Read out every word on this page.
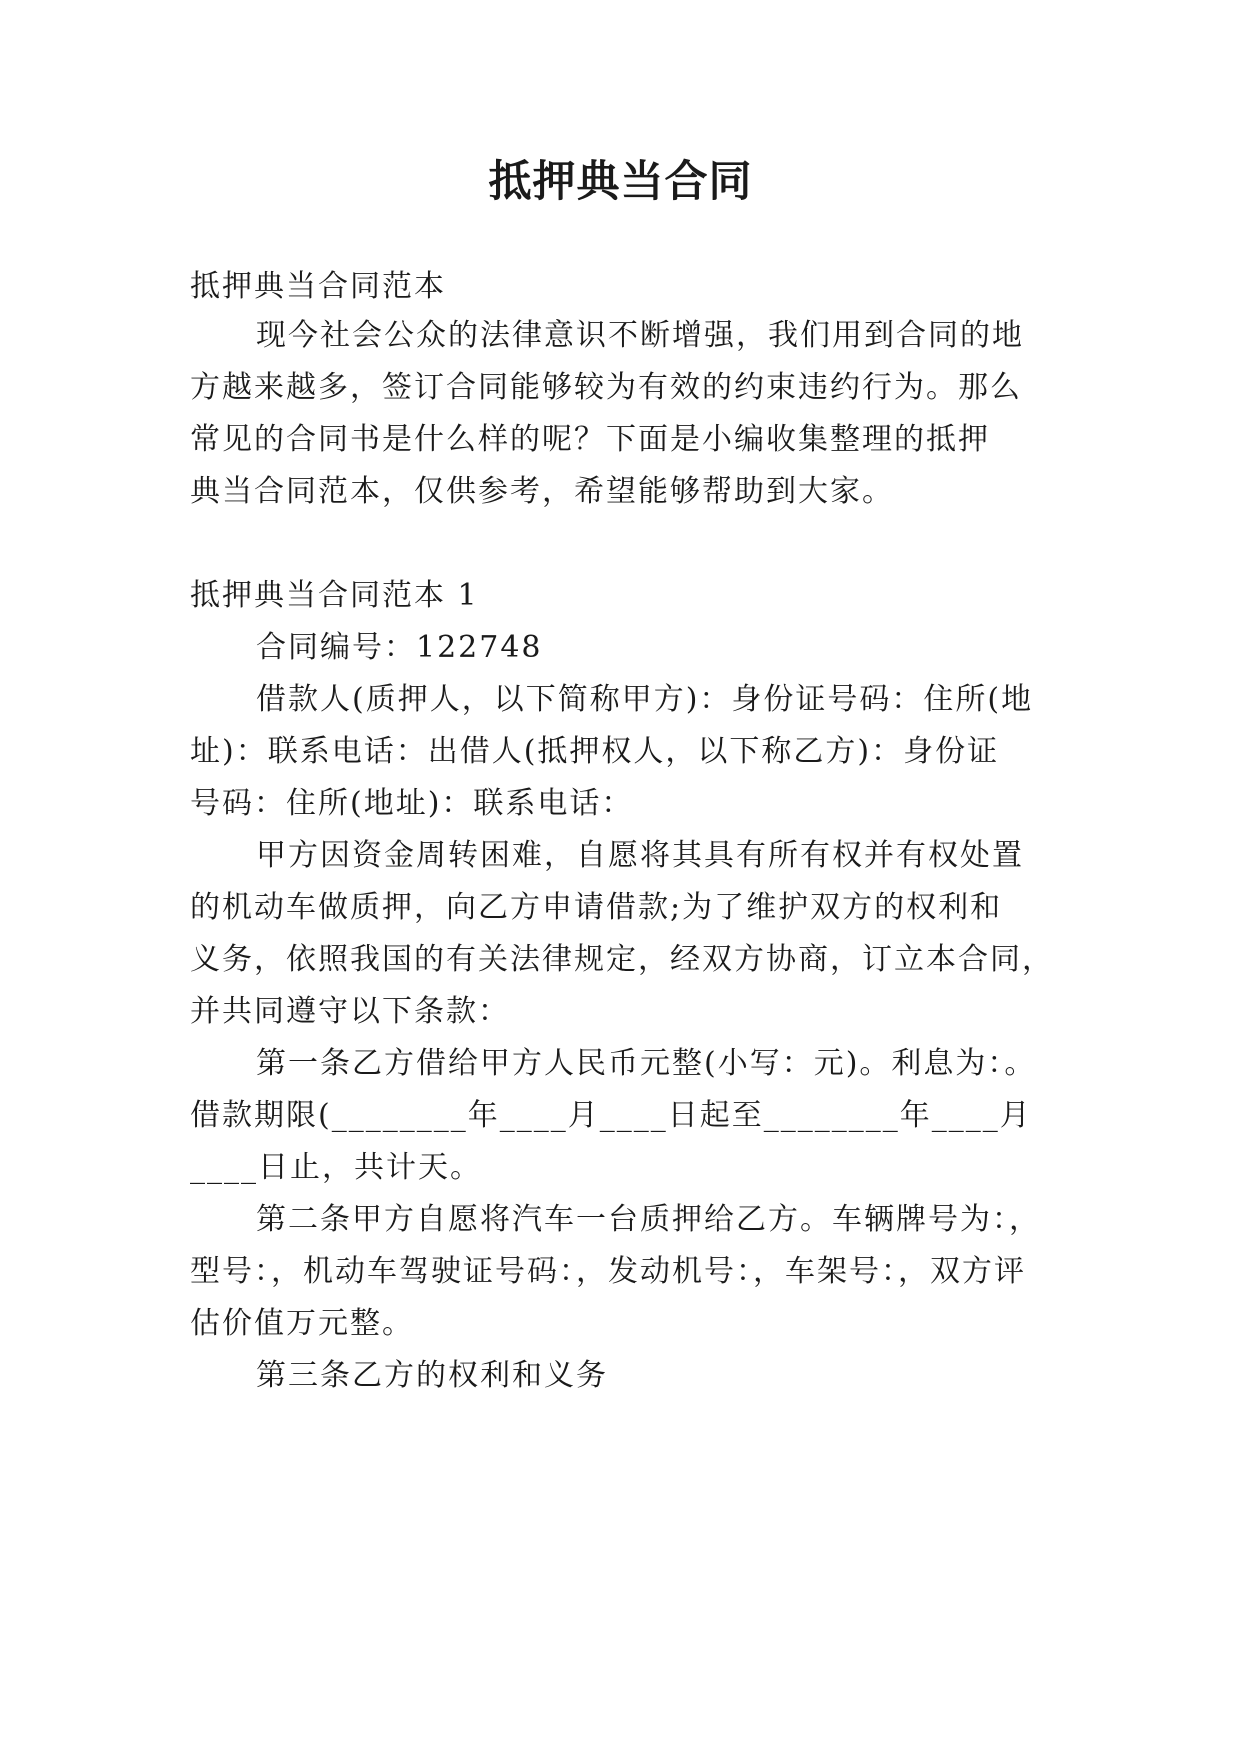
抵押典当合同
抵押典当合同范本
现今社会公众的法律意识不断增强，我们用到合同的地
方越来越多，签订合同能够较为有效的约束违约行为。那么
常见的合同书是什么样的呢？下面是小编收集整理的抵押
典当合同范本，仅供参考，希望能够帮助到大家。
抵押典当合同范本 1
合同编号：122748
借款人(质押人，以下简称甲方)：身份证号码：住所(地
址)：联系电话：出借人(抵押权人，以下称乙方)：身份证
号码：住所(地址)：联系电话：
甲方因资金周转困难，自愿将其具有所有权并有权处置
的机动车做质押，向乙方申请借款;为了维护双方的权利和
义务，依照我国的有关法律规定，经双方协商，订立本合同，
并共同遵守以下条款：
第一条乙方借给甲方人民币元整(小写：元)。利息为：。
借款期限(________年____月____日起至________年____月
____日止，共计天。
第二条甲方自愿将汽车一台质押给乙方。车辆牌号为：，
型号：，机动车驾驶证号码：，发动机号：，车架号：，双方评
估价值万元整。
第三条乙方的权利和义务
